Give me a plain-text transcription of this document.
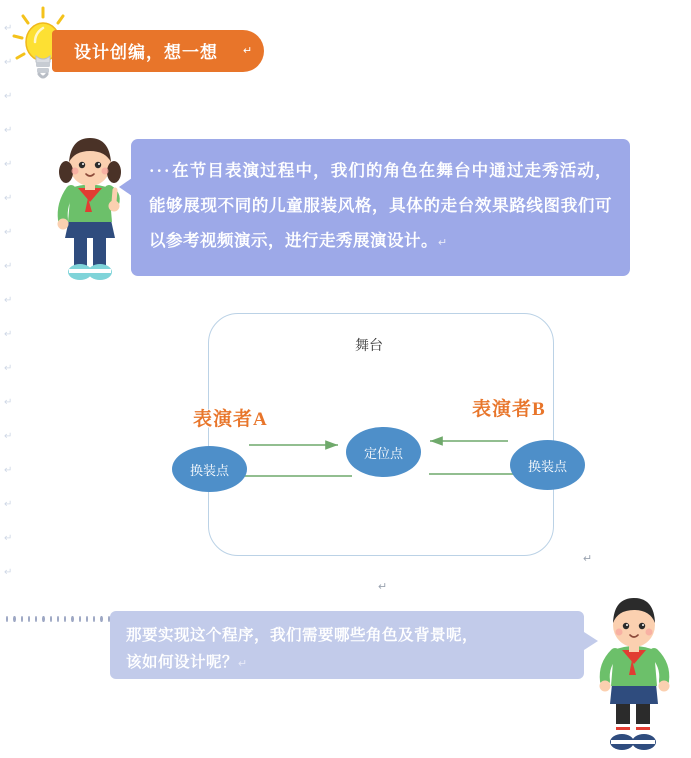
↵
↵
↵
↵
↵
↵
↵
↵
↵
↵
↵
↵
↵
↵
↵
↵
↵
设计创编，想一想 ↵
···在节目表演过程中，我们的角色在舞台中通过走秀活动，能够展现不同的儿童服装风格，具体的走台效果路线图我们可以参考视频演示，进行走秀展演设计。↵
舞台
表演者A	表演者B
换装点
定位点
换装点
↵
↵
那要实现这个程序，我们需要哪些角色及背景呢，
该如何设计呢？↵
